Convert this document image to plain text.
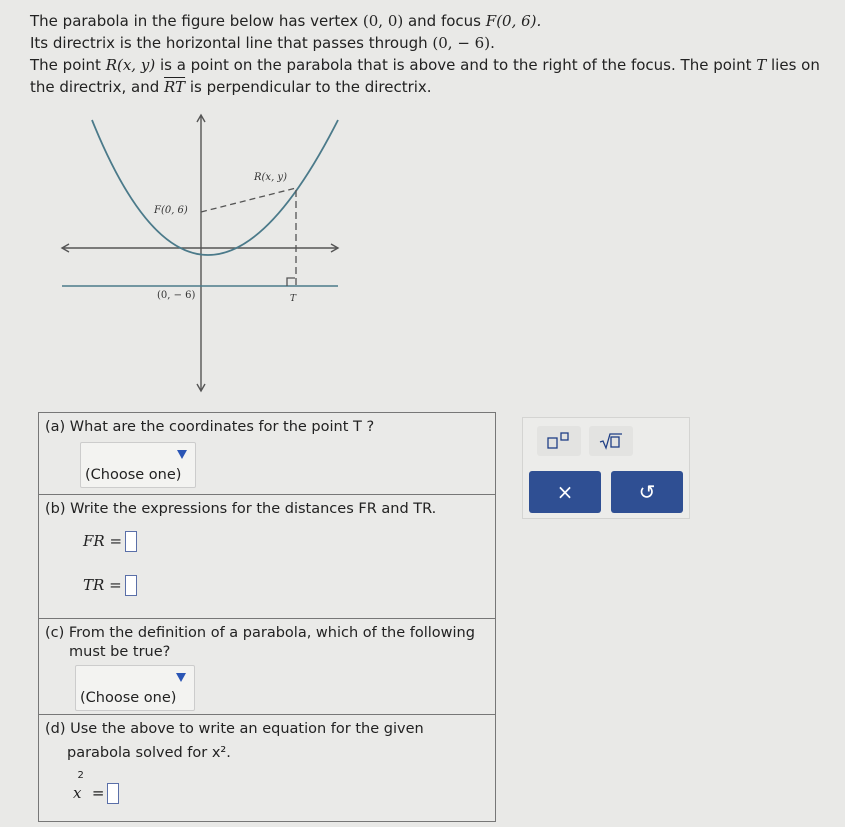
The parabola in the figure below has vertex (0, 0) and focus F(0, 6).

Its directrix is the horizontal line that passes through (0, − 6).

The point R(x, y) is a point on the parabola that is above and to the right of the focus. The point T lies on

the directrix, and $\overline{RT}$ is perpendicular to the directrix.

R(x, y)
F(0, 6)
(0, − 6)	T
(a) What are the coordinates for the point T ?
(Choose one)
(b) Write the expressions for the distances FR and TR.
FR =
TR =
(c) From the definition of a parabola, which of the following
must be true?
(Choose one)
(d) Use the above to write an equation for the given
parabola solved for x².
$x^2=$
×	↺
